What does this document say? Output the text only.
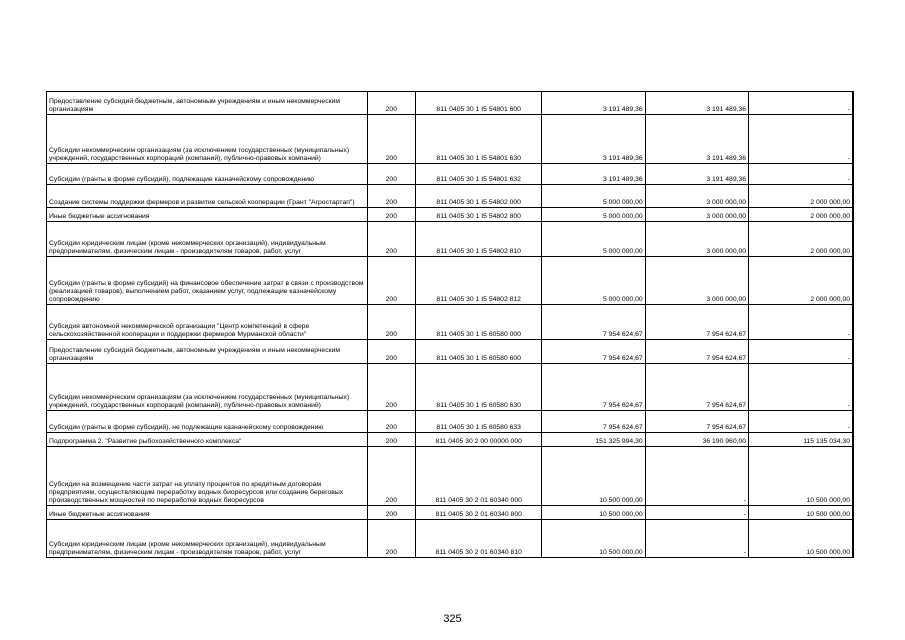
Предоставление субсидий бюджетным, автономным учреждениям и иным некоммерческим организациям	200	811 0405 30 1 I5 54801 600	3 191 489,36	3 191 489,36	-
Субсидии некоммерческим организациям (за исключением государственных (муниципальных) учреждений, государственных корпораций (компаний), публично-правовых компаний)	200	811 0405 30 1 I5 54801 630	3 191 489,36	3 191 489,36	-
Субсидии (гранты в форме субсидий), подлежащие казначейскому сопровождению	200	811 0405 30 1 I5 54801 632	3 191 489,36	3 191 489,36	-
Создание системы поддержки фермеров и развитие сельской кооперации (Грант "Агростартап")	200	811 0405 30 1 I5 54802 000	5 000 000,00	3 000 000,00	2 000 000,00
Иные бюджетные ассигнования	200	811 0405 30 1 I5 54802 800	5 000 000,00	3 000 000,00	2 000 000,00
Субсидии юридическим лицам (кроме некоммерческих организаций), индивидуальным предпринимателям, физическим лицам - производителям товаров, работ, услуг	200	811 0405 30 1 I5 54802 810	5 000 000,00	3 000 000,00	2 000 000,00
Субсидии (гранты в форме субсидий) на финансовое обеспечение затрат в связи с производством (реализацией товаров), выполнением работ, оказанием услуг, подлежащие казначейскому сопровождению	200	811 0405 30 1 I5 54802 812	5 000 000,00	3 000 000,00	2 000 000,00
Субсидия автономной некоммерческой организации "Центр компетенций в сфере сельскохозяйственной кооперации и поддержки фермеров Мурманской области"	200	811 0405 30 1 I5 60580 000	7 954 624,67	7 954 624,67	-
Предоставление субсидий бюджетным, автономным учреждениям и иным некоммерческим организациям	200	811 0405 30 1 I5 60580 600	7 954 624,67	7 954 624,67	-
Субсидии некоммерческим организациям (за исключением государственных (муниципальных) учреждений, государственных корпораций (компаний), публично-правовых компаний)	200	811 0405 30 1 I5 60580 630	7 954 624,67	7 954 624,67	-
Субсидии (гранты в форме субсидий), не подлежащие казначейскому сопровождению	200	811 0405 30 1 I5 60580 633	7 954 624,67	7 954 624,67	-
Подпрограмма 2. "Развитие рыбохозяйственного комплекса"	200	811 0405 30 2 00 00000 000	151 325 994,30	36 190 960,00	115 135 034,30
Субсидии на возмещение части затрат на уплату процентов по кредитным договорам предприятиям, осуществляющим переработку водных биоресурсов или создание береговых производственных мощностей по переработке водных биоресурсов	200	811 0405 30 2 01 60340 000	10 500 000,00	-	10 500 000,00
Иные бюджетные ассигнования	200	811 0405 30 2 01 60340 800	10 500 000,00	-	10 500 000,00
Субсидии юридическим лицам (кроме некоммерческих организаций), индивидуальным предпринимателям, физическим лицам - производителям товаров, работ, услуг	200	811 0405 30 2 01 60340 810	10 500 000,00	-	10 500 000,00
325
